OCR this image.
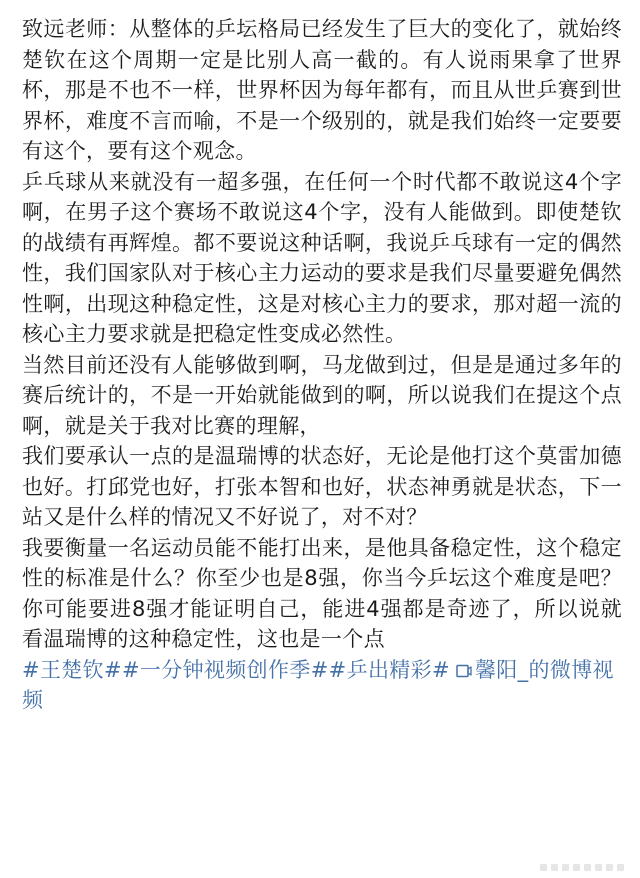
致远老师：从整体的乒坛格局已经发生了巨大的变化了，就始终楚钦在这个周期一定是比别人高一截的。有人说雨果拿了世界杯，那是不也不一样，世界杯因为每年都有，而且从世乒赛到世界杯，难度不言而喻，不是一个级别的，就是我们始终一定要要有这个，要有这个观念。

乒乓球从来就没有一超多强，在任何一个时代都不敢说这4个字啊，在男子这个赛场不敢说这4个字，没有人能做到。即使楚钦的战绩有再辉煌。都不要说这种话啊，我说乒乓球有一定的偶然性，我们国家队对于核心主力运动的要求是我们尽量要避免偶然性啊，出现这种稳定性，这是对核心主力的要求，那对超一流的核心主力要求就是把稳定性变成必然性。

当然目前还没有人能够做到啊，马龙做到过，但是是通过多年的赛后统计的，不是一开始就能做到的啊，所以说我们在提这个点啊，就是关于我对比赛的理解，

我们要承认一点的是温瑞博的状态好，无论是他打这个莫雷加德也好。打邱党也好，打张本智和也好，状态神勇就是状态，下一站又是什么样的情况又不好说了，对不对？

我要衡量一名运动员能不能打出来，是他具备稳定性，这个稳定性的标准是什么？你至少也是8强，你当今乒坛这个难度是吧？你可能要进8强才能证明自己，能进4强都是奇迹了，所以说就看温瑞博的这种稳定性，这也是一个点

#王楚钦##一分钟视频创作季##乒出精彩# 馨阳_的微博视频
